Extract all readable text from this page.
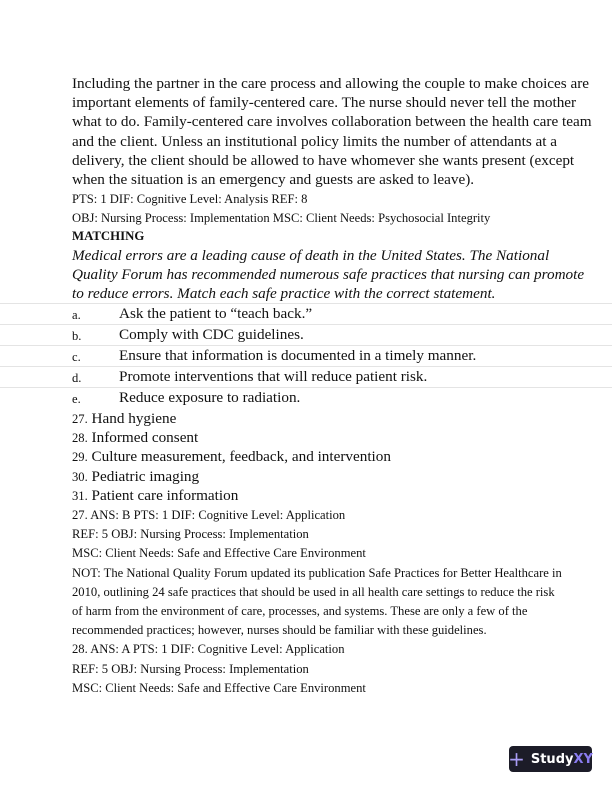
Including the partner in the care process and allowing the couple to make choices are
important elements of family-centered care. The nurse should never tell the mother
what to do. Family-centered care involves collaboration between the health care team
and the client. Unless an institutional policy limits the number of attendants at a
delivery, the client should be allowed to have whomever she wants present (except
when the situation is an emergency and guests are asked to leave).
PTS: 1 DIF: Cognitive Level: Analysis REF: 8
OBJ: Nursing Process: Implementation MSC: Client Needs: Psychosocial Integrity
MATCHING
Medical errors are a leading cause of death in the United States. The National
Quality Forum has recommended numerous safe practices that nursing can promote
to reduce errors. Match each safe practice with the correct statement.
a.	Ask the patient to “teach back.”
b. Comply with CDC guidelines.
c.	Ensure that information is documented in a timely manner.
d. Promote interventions that will reduce patient risk.
e.	Reduce exposure to radiation.
27. Hand hygiene
28. Informed consent
29. Culture measurement, feedback, and intervention
30. Pediatric imaging
31. Patient care information
27. ANS: B PTS: 1 DIF: Cognitive Level: Application
REF: 5 OBJ: Nursing Process: Implementation
MSC: Client Needs: Safe and Effective Care Environment
NOT: The National Quality Forum updated its publication Safe Practices for Better Healthcare in
2010, outlining 24 safe practices that should be used in all health care settings to reduce the risk
of harm from the environment of care, processes, and systems. These are only a few of the
recommended practices; however, nurses should be familiar with these guidelines.
28. ANS: A PTS: 1 DIF: Cognitive Level: Application
REF: 5 OBJ: Nursing Process: Implementation
MSC: Client Needs: Safe and Effective Care Environment
+ StudyXY
